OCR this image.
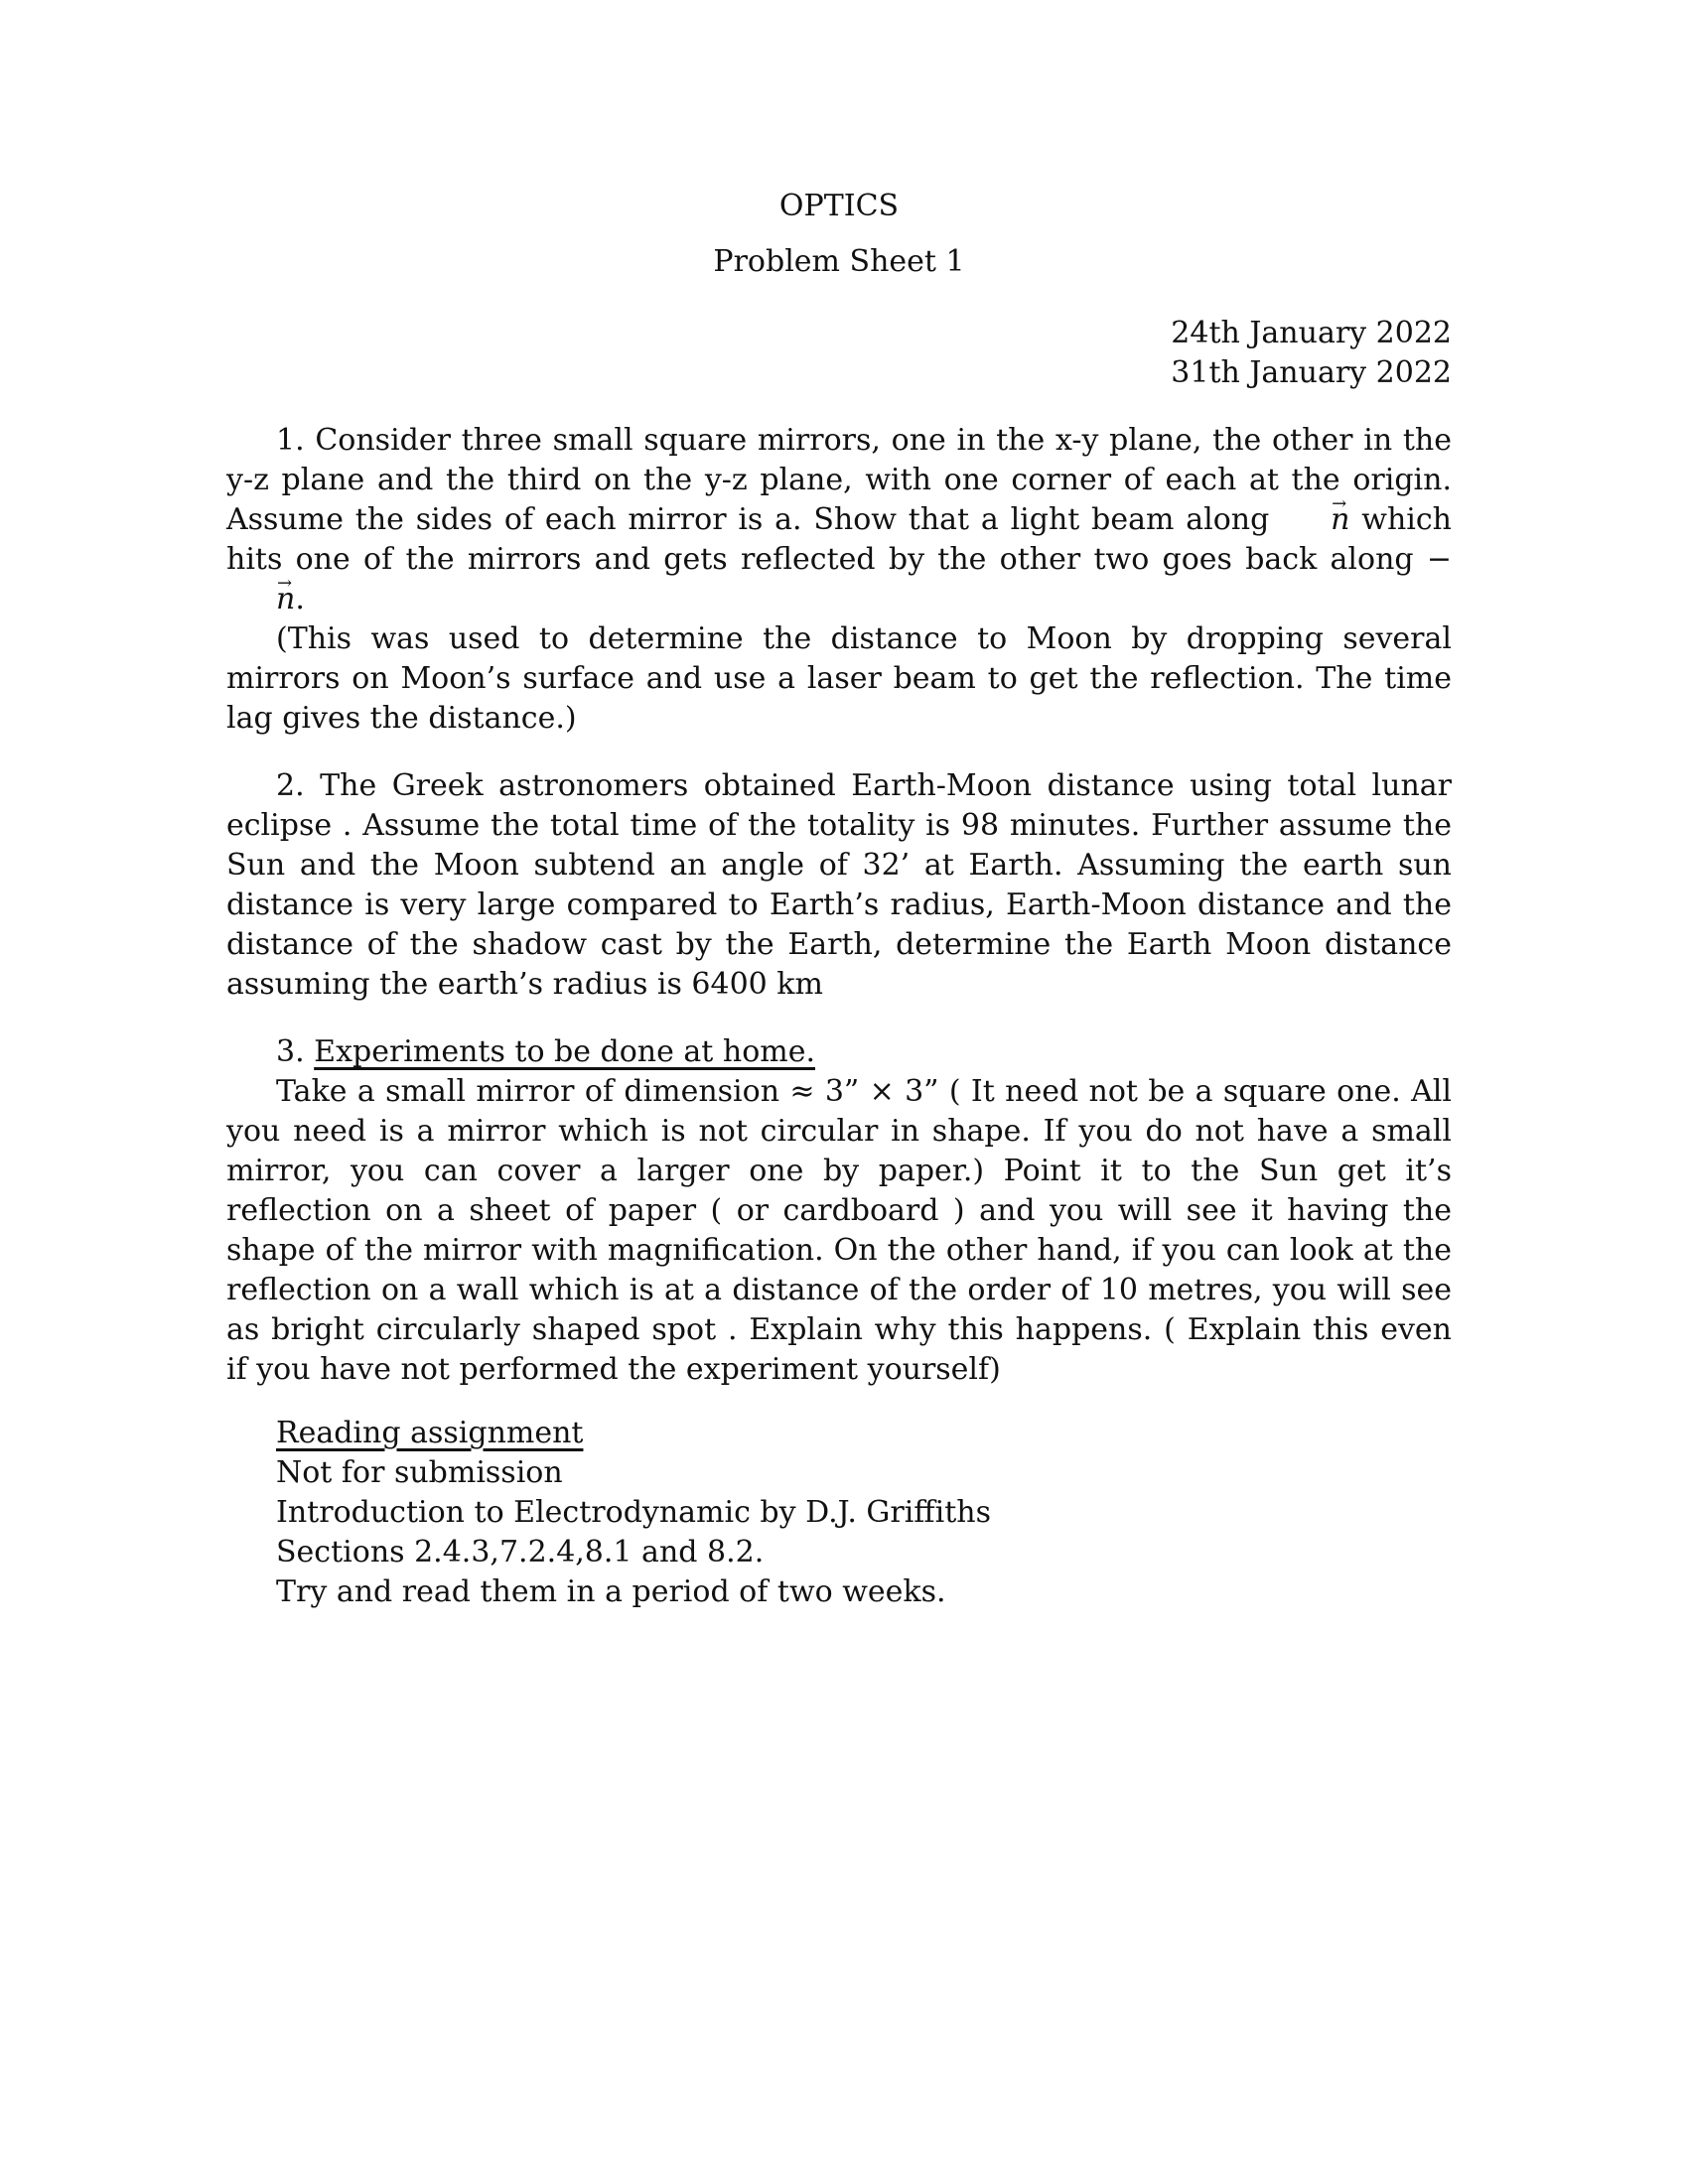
OPTICS
Problem Sheet 1
24th January 2022
31th January 2022

1. Consider three small square mirrors, one in the x-y plane, the other in the y-z plane and the third on the y-z plane, with one corner of each at the origin. Assume the sides of each mirror is a. Show that a light beam along → n which hits one of the mirrors and gets reflected by the other two goes back along −→ n.

(This was used to determine the distance to Moon by dropping several mirrors on Moon’s surface and use a laser beam to get the reflection. The time lag gives the distance.)

2. The Greek astronomers obtained Earth-Moon distance using total lunar eclipse . Assume the total time of the totality is 98 minutes. Further assume the Sun and the Moon subtend an angle of 32’ at Earth. Assuming the earth sun distance is very large compared to Earth’s radius, Earth-Moon distance and the distance of the shadow cast by the Earth, determine the Earth Moon distance assuming the earth’s radius is 6400 km

3. Experiments to be done at home.

Take a small mirror of dimension ≈ 3” × 3” ( It need not be a square one. All you need is a mirror which is not circular in shape. If you do not have a small mirror, you can cover a larger one by paper.) Point it to the Sun get it’s reflection on a sheet of paper ( or cardboard ) and you will see it having the shape of the mirror with magnification. On the other hand, if you can look at the reflection on a wall which is at a distance of the order of 10 metres, you will see as bright circularly shaped spot . Explain why this happens. ( Explain this even if you have not performed the experiment yourself)

Reading assignment
Not for submission
Introduction to Electrodynamic by D.J. Griffiths
Sections 2.4.3,7.2.4,8.1 and 8.2.
Try and read them in a period of two weeks.
